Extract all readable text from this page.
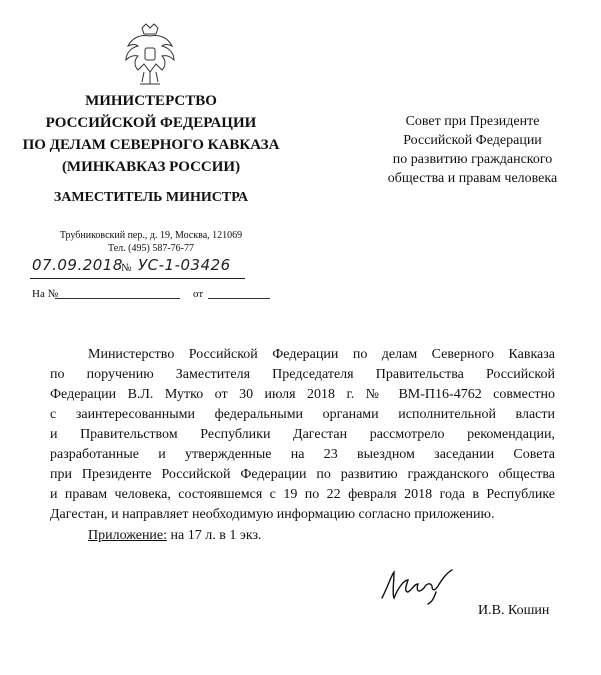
МИНИСТЕРСТВО
РОССИЙСКОЙ ФЕДЕРАЦИИ
ПО ДЕЛАМ СЕВЕРНОГО КАВКАЗА
(МИНКАВКАЗ РОССИИ)
ЗАМЕСТИТЕЛЬ МИНИСТРА
Трубниковский пер., д. 19, Москва, 121069
Тел. (495) 587-76-77
07.09.2018
№ УС-1-03426
На №	от
Совет при Президенте
Российской Федерации
по развитию гражданского
общества и правам человека
Министерство Российской Федерации по делам Северного Кавказа
по поручению Заместителя Председателя Правительства Российской
Федерации В.Л. Мутко от 30 июля 2018 г. № ВМ-П16-4762 совместно
с заинтересованными федеральными органами исполнительной власти
и Правительством Республики Дагестан рассмотрело рекомендации,
разработанные и утвержденные на 23 выездном заседании Совета
при Президенте Российской Федерации по развитию гражданского общества
и правам человека, состоявшемся с 19 по 22 февраля 2018 года в Республике
Дагестан, и направляет необходимую информацию согласно приложению.
Приложение: на 17 л. в 1 экз.
И.В. Кошин
